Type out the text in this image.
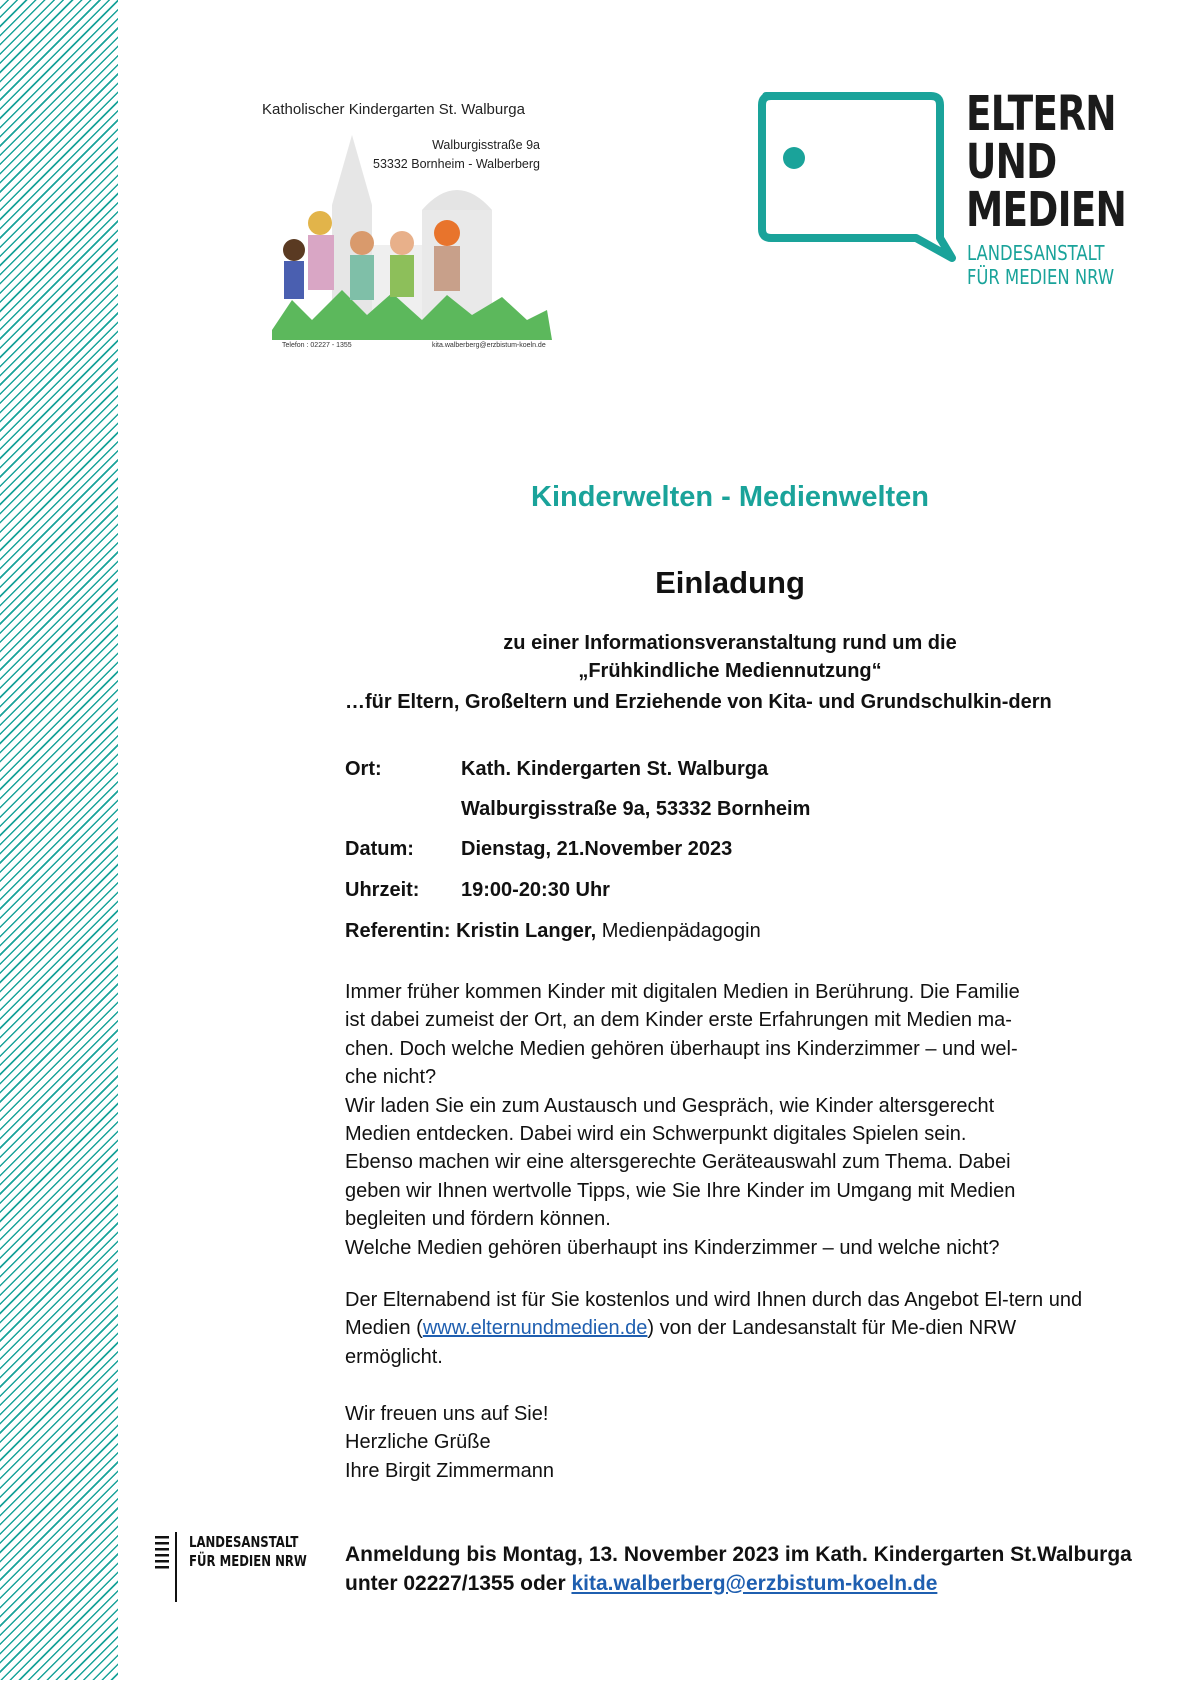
Katholischer Kindergarten St. Walburga
Walburgisstraße 9a
53332 Bornheim - Walberberg
Telefon : 02227 - 1355	kita.walberberg@erzbistum-koeln.de
ELTERN
UND
MEDIEN
LANDESANSTALT
FÜR MEDIEN NRW
Kinderwelten - Medienwelten
Einladung
zu einer Informationsveranstaltung rund um die
„Frühkindliche Mediennutzung“
…für Eltern, Großeltern und Erziehende von Kita- und Grundschulkin-dern
Ort:	Kath. Kindergarten St. Walburga
Walburgisstraße 9a, 53332 Bornheim
Datum:	Dienstag, 21.November 2023
Uhrzeit:	19:00-20:30 Uhr
Referentin: Kristin Langer, Medienpädagogin

Immer früher kommen Kinder mit digitalen Medien in Berührung. Die Familie

ist dabei zumeist der Ort, an dem Kinder erste Erfahrungen mit Medien ma-

chen. Doch welche Medien gehören überhaupt ins Kinderzimmer – und wel-

che nicht?

Wir laden Sie ein zum Austausch und Gespräch, wie Kinder altersgerecht

Medien entdecken. Dabei wird ein Schwerpunkt digitales Spielen sein.

Ebenso machen wir eine altersgerechte Geräteauswahl zum Thema. Dabei

geben wir Ihnen wertvolle Tipps, wie Sie Ihre Kinder im Umgang mit Medien

begleiten und fördern können.

Welche Medien gehören überhaupt ins Kinderzimmer – und welche nicht?

Der Elternabend ist für Sie kostenlos und wird Ihnen durch das Angebot El-tern und Medien (www.elternundmedien.de) von der Landesanstalt für Me-dien NRW ermöglicht.

Wir freuen uns auf Sie!

Herzliche Grüße

Ihre Birgit Zimmermann

LANDESANSTALT
FÜR MEDIEN NRW Anmeldung bis Montag, 13. November 2023 im Kath. Kindergarten St.Walburga unter 02227/1355 oder kita.walberberg@erzbistum-koeln.de
